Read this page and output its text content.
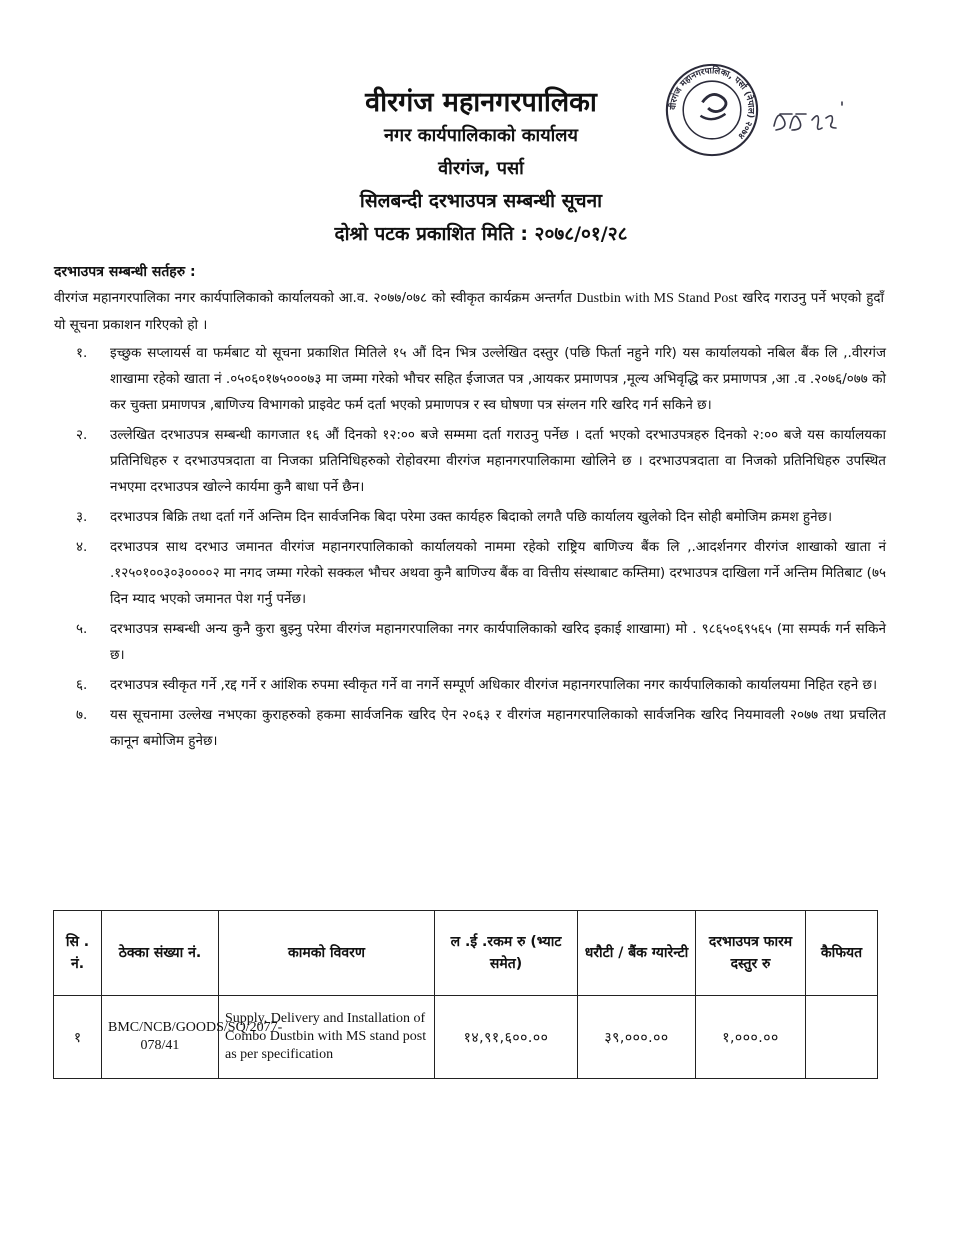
वीरगंज महानगरपालिका
नगर कार्यपालिकाको कार्यालय
वीरगंज, पर्सा
सिलबन्दी दरभाउपत्र सम्बन्धी सूचना
दोश्रो पटक प्रकाशित मिति : २०७८/०१/२८
वीरगंज महानगरपालिका, पर्सा (नेपाल) २०७४
दरभाउपत्र सम्बन्धी सर्तहरु :
वीरगंज महानगरपालिका नगर कार्यपालिकाको कार्यालयको आ.व. २०७७/०७८ को स्वीकृत कार्यक्रम अन्तर्गत Dustbin with MS Stand Post खरिद गराउनु पर्ने भएको हुदाँ यो सूचना प्रकाशन गरिएको हो ।
१. इच्छुक सप्लायर्स वा फर्मबाट यो सूचना प्रकाशित मितिले १५ औं दिन भित्र उल्लेखित दस्तुर (पछि फिर्ता नहुने गरि) यस कार्यालयको नबिल बैंक लि ,.वीरगंज शाखामा रहेको खाता नं .०५०६०१७५०००७३ मा जम्मा गरेको भौचर सहित ईजाजत पत्र ,आयकर प्रमाणपत्र ,मूल्य अभिवृद्धि कर प्रमाणपत्र ,आ .व .२०७६/०७७ को कर चुक्ता प्रमाणपत्र ,बाणिज्य विभागको प्राइवेट फर्म दर्ता भएको प्रमाणपत्र र स्व घोषणा पत्र संग्लन गरि खरिद गर्न सकिने छ।
२. उल्लेखित दरभाउपत्र सम्बन्धी कागजात १६ औं दिनको १२:०० बजे सम्ममा दर्ता गराउनु पर्नेछ । दर्ता भएको दरभाउपत्रहरु दिनको २:०० बजे यस कार्यालयका प्रतिनिधिहरु र दरभाउपत्रदाता वा निजका प्रतिनिधिहरुको रोहोवरमा वीरगंज महानगरपालिकामा खोलिने छ । दरभाउपत्रदाता वा निजको प्रतिनिधिहरु उपस्थित नभएमा दरभाउपत्र खोल्ने कार्यमा कुनै बाधा पर्ने छैन।
३. दरभाउपत्र बिक्रि तथा दर्ता गर्ने अन्तिम दिन सार्वजनिक बिदा परेमा उक्त कार्यहरु बिदाको लगतै पछि कार्यालय खुलेको दिन सोही बमोजिम क्रमश हुनेछ।
४. दरभाउपत्र साथ दरभाउ जमानत वीरगंज महानगरपालिकाको कार्यालयको नाममा रहेको राष्ट्रिय बाणिज्य बैंक लि ,.आदर्शनगर वीरगंज शाखाको खाता नं .१२५०१००३०३००००२ मा नगद जम्मा गरेको सक्कल भौचर अथवा कुनै बाणिज्य बैंक वा वित्तीय संस्थाबाट कम्तिमा) दरभाउपत्र दाखिला गर्ने अन्तिम मितिबाट (७५ दिन म्याद भएको जमानत पेश गर्नु पर्नेछ।
५. दरभाउपत्र सम्बन्धी अन्य कुनै कुरा बुझ्नु परेमा वीरगंज महानगरपालिका नगर कार्यपालिकाको खरिद इकाई शाखामा) मो . ९८६५०६९५६५ (मा सम्पर्क गर्न सकिने छ।
६. दरभाउपत्र स्वीकृत गर्ने ,रद्द गर्ने र आंशिक रुपमा स्वीकृत गर्ने वा नगर्ने सम्पूर्ण अधिकार वीरगंज महानगरपालिका नगर कार्यपालिकाको कार्यालयमा निहित रहने छ।
७. यस सूचनामा उल्लेख नभएका कुराहरुको हकमा सार्वजनिक खरिद ऐन २०६३ र वीरगंज महानगरपालिकाको सार्वजनिक खरिद नियमावली २०७७ तथा प्रचलित कानून बमोजिम हुनेछ।
सि . नं.	ठेक्का संख्या नं.	कामको विवरण	ल .ई .रकम रु (भ्याट समेत)	धरौटी / बैंक ग्यारेन्टी	दरभाउपत्र फारम दस्तुर रु	कैफियत
१	BMC/NCB/GOODS/SQ/2077-078/41	Supply, Delivery and Installation of Combo Dustbin with MS stand post as per specification	१४,९१,६००.००	३९,०००.००	१,०००.००	
